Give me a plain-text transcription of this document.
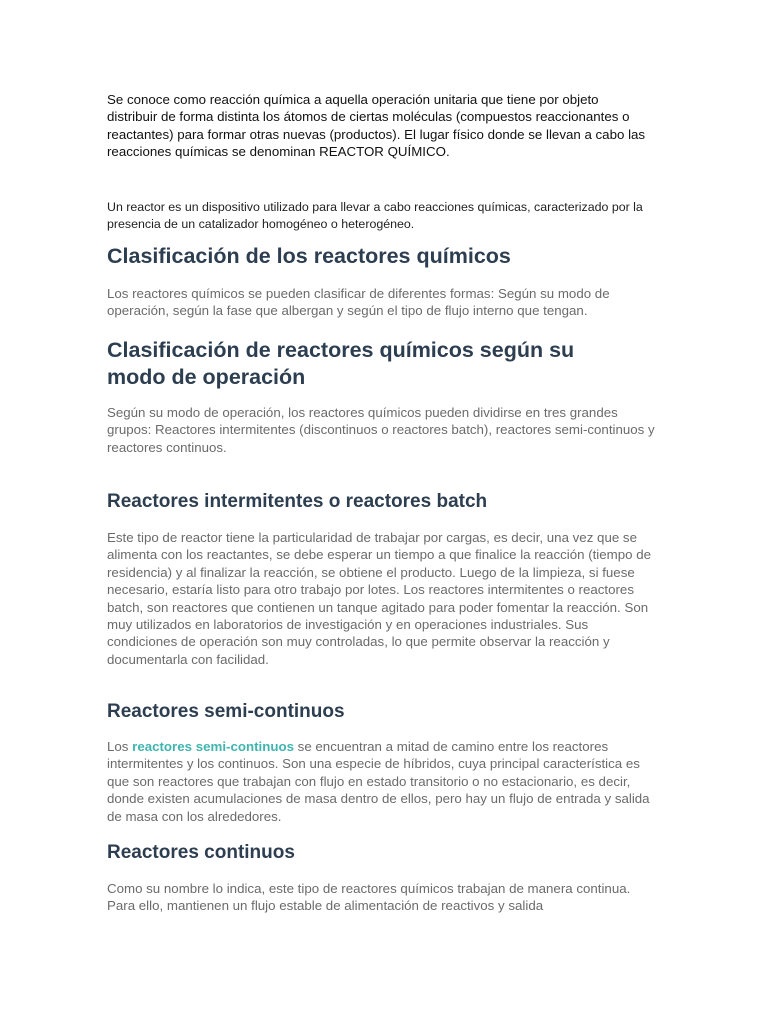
Se conoce como reacción química a aquella operación unitaria que tiene por objeto distribuir de forma distinta los átomos de ciertas moléculas (compuestos reaccionantes o reactantes) para formar otras nuevas (productos). El lugar físico donde se llevan a cabo las reacciones químicas se denominan REACTOR QUÍMICO.

Un reactor es un dispositivo utilizado para llevar a cabo reacciones químicas, caracterizado por la presencia de un catalizador homogéneo o heterogéneo.

Clasificación de los reactores químicos

Los reactores químicos se pueden clasificar de diferentes formas: Según su modo de operación, según la fase que albergan y según el tipo de flujo interno que tengan.

Clasificación de reactores químicos según su modo de operación

Según su modo de operación, los reactores químicos pueden dividirse en tres grandes grupos: Reactores intermitentes (discontinuos o reactores batch), reactores semi-continuos y reactores continuos.

Reactores intermitentes o reactores batch

Este tipo de reactor tiene la particularidad de trabajar por cargas, es decir, una vez que se alimenta con los reactantes, se debe esperar un tiempo a que finalice la reacción (tiempo de residencia) y al finalizar la reacción, se obtiene el producto. Luego de la limpieza, si fuese necesario, estaría listo para otro trabajo por lotes. Los reactores intermitentes o reactores batch, son reactores que contienen un tanque agitado para poder fomentar la reacción. Son muy utilizados en laboratorios de investigación y en operaciones industriales. Sus condiciones de operación son muy controladas, lo que permite observar la reacción y documentarla con facilidad.

Reactores semi-continuos

Los reactores semi-continuos se encuentran a mitad de camino entre los reactores intermitentes y los continuos. Son una especie de híbridos, cuya principal característica es que son reactores que trabajan con flujo en estado transitorio o no estacionario, es decir, donde existen acumulaciones de masa dentro de ellos, pero hay un flujo de entrada y salida de masa con los alrededores.

Reactores continuos

Como su nombre lo indica, este tipo de reactores químicos trabajan de manera continua. Para ello, mantienen un flujo estable de alimentación de reactivos y salida
